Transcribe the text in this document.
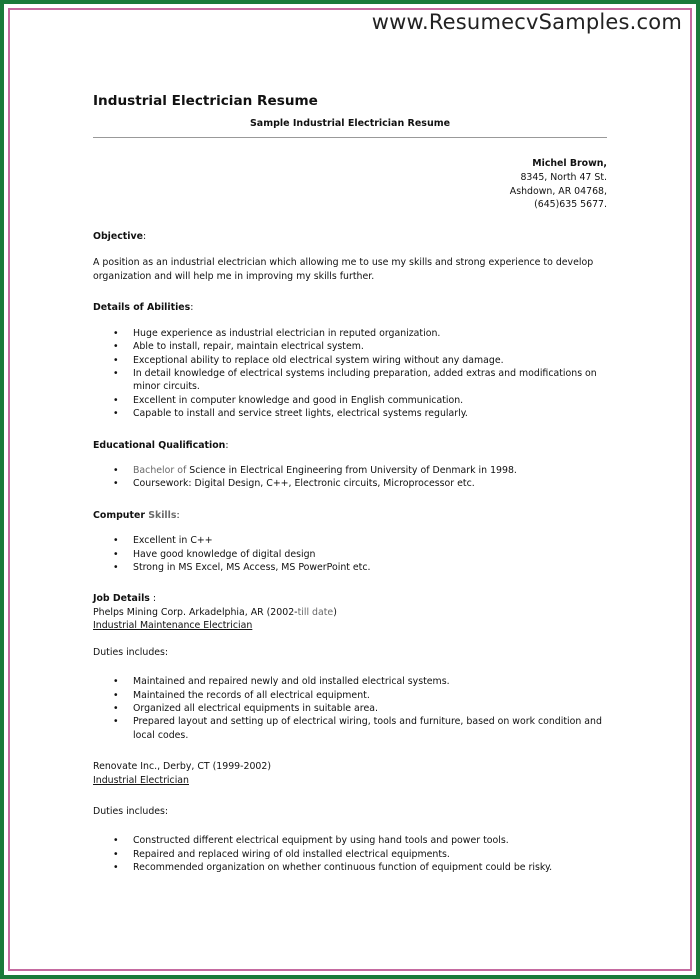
www.ResumecvSamples.com
Industrial Electrician Resume
Sample Industrial Electrician Resume
Michel Brown,
8345, North 47 St.
Ashdown, AR 04768,
(645)635 5677.
Objective:
A position as an industrial electrician which allowing me to use my skills and strong experience to develop organization and will help me in improving my skills further.
Details of Abilities:
• Huge experience as industrial electrician in reputed organization.
• Able to install, repair, maintain electrical system.
• Exceptional ability to replace old electrical system wiring without any damage.
• In detail knowledge of electrical systems including preparation, added extras and modifications on minor circuits.
• Excellent in computer knowledge and good in English communication.
• Capable to install and service street lights, electrical systems regularly.
Educational Qualification:
• Bachelor of Science in Electrical Engineering from University of Denmark in 1998.
• Coursework: Digital Design, C++, Electronic circuits, Microprocessor etc.
Computer Skills:
• Excellent in C++
• Have good knowledge of digital design
• Strong in MS Excel, MS Access, MS PowerPoint etc.
Job Details :
Phelps Mining Corp. Arkadelphia, AR (2002-till date)
Industrial Maintenance Electrician
Duties includes:
• Maintained and repaired newly and old installed electrical systems.
• Maintained the records of all electrical equipment.
• Organized all electrical equipments in suitable area.
• Prepared layout and setting up of electrical wiring, tools and furniture, based on work condition and local codes.
Renovate Inc., Derby, CT (1999-2002)
Industrial Electrician
Duties includes:
• Constructed different electrical equipment by using hand tools and power tools.
• Repaired and replaced wiring of old installed electrical equipments.
• Recommended organization on whether continuous function of equipment could be risky.
